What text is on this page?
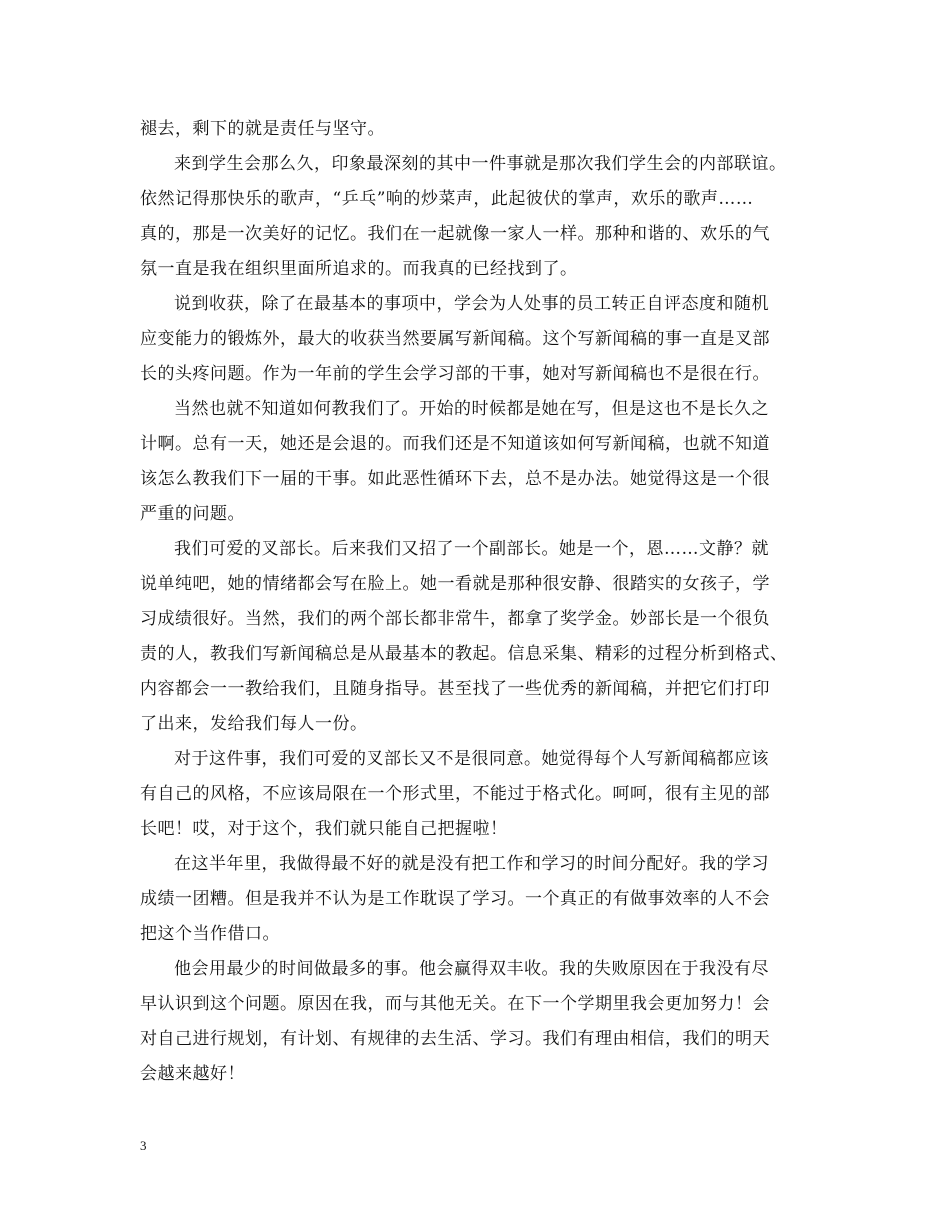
褪去，剩下的就是责任与坚守。
来到学生会那么久，印象最深刻的其中一件事就是那次我们学生会的内部联谊。
依然记得那快乐的歌声，“乒乓”响的炒菜声，此起彼伏的掌声，欢乐的歌声……
真的，那是一次美好的记忆。我们在一起就像一家人一样。那种和谐的、欢乐的气
氛一直是我在组织里面所追求的。而我真的已经找到了。
说到收获，除了在最基本的事项中，学会为人处事的员工转正自评态度和随机
应变能力的锻炼外，最大的收获当然要属写新闻稿。这个写新闻稿的事一直是叉部
长的头疼问题。作为一年前的学生会学习部的干事，她对写新闻稿也不是很在行。
当然也就不知道如何教我们了。开始的时候都是她在写，但是这也不是长久之
计啊。总有一天，她还是会退的。而我们还是不知道该如何写新闻稿，也就不知道
该怎么教我们下一届的干事。如此恶性循环下去，总不是办法。她觉得这是一个很
严重的问题。
我们可爱的叉部长。后来我们又招了一个副部长。她是一个，恩……文静？就
说单纯吧，她的情绪都会写在脸上。她一看就是那种很安静、很踏实的女孩子，学
习成绩很好。当然，我们的两个部长都非常牛，都拿了奖学金。妙部长是一个很负
责的人，教我们写新闻稿总是从最基本的教起。信息采集、精彩的过程分析到格式、
内容都会一一教给我们，且随身指导。甚至找了一些优秀的新闻稿，并把它们打印
了出来，发给我们每人一份。
对于这件事，我们可爱的叉部长又不是很同意。她觉得每个人写新闻稿都应该
有自己的风格，不应该局限在一个形式里，不能过于格式化。呵呵，很有主见的部
长吧！哎，对于这个，我们就只能自己把握啦！
在这半年里，我做得最不好的就是没有把工作和学习的时间分配好。我的学习
成绩一团糟。但是我并不认为是工作耽误了学习。一个真正的有做事效率的人不会
把这个当作借口。
他会用最少的时间做最多的事。他会赢得双丰收。我的失败原因在于我没有尽
早认识到这个问题。原因在我，而与其他无关。在下一个学期里我会更加努力！会
对自己进行规划，有计划、有规律的去生活、学习。我们有理由相信，我们的明天
会越来越好！
3
